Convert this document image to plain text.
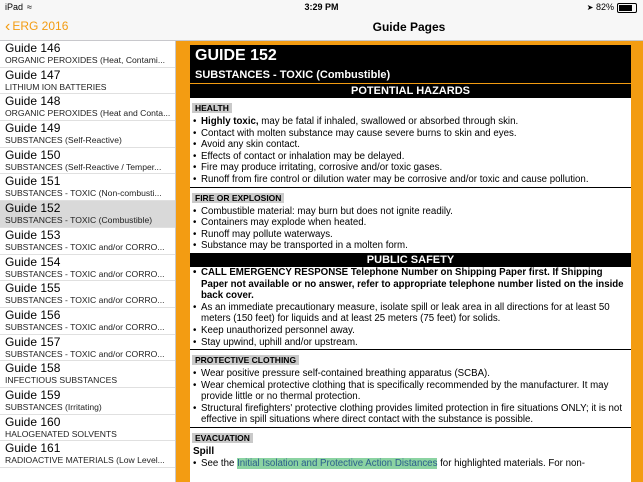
iPad ≈	3:29 PM	➤ 82%
‹ ERG 2016	Guide Pages
Guide 146
ORGANIC PEROXIDES (Heat, Contami...
Guide 147
LITHIUM ION BATTERIES
Guide 148
ORGANIC PEROXIDES (Heat and Conta...
Guide 149
SUBSTANCES (Self-Reactive)
Guide 150
SUBSTANCES (Self-Reactive / Temper...
Guide 151
SUBSTANCES - TOXIC (Non-combusti...
Guide 152
SUBSTANCES - TOXIC (Combustible)
Guide 153
SUBSTANCES - TOXIC and/or CORRO...
Guide 154
SUBSTANCES - TOXIC and/or CORRO...
Guide 155
SUBSTANCES - TOXIC and/or CORRO...
Guide 156
SUBSTANCES - TOXIC and/or CORRO...
Guide 157
SUBSTANCES - TOXIC and/or CORRO...
Guide 158
INFECTIOUS SUBSTANCES
Guide 159
SUBSTANCES (Irritating)
Guide 160
HALOGENATED SOLVENTS
Guide 161
RADIOACTIVE MATERIALS (Low Level...
GUIDE 152
SUBSTANCES - TOXIC (Combustible)
POTENTIAL HAZARDS
HEALTH
• Highly toxic, may be fatal if inhaled, swallowed or absorbed through skin.
• Contact with molten substance may cause severe burns to skin and eyes.
• Avoid any skin contact.
• Effects of contact or inhalation may be delayed.
• Fire may produce irritating, corrosive and/or toxic gases.
• Runoff from fire control or dilution water may be corrosive and/or toxic and cause pollution.
FIRE OR EXPLOSION
• Combustible material: may burn but does not ignite readily.
• Containers may explode when heated.
• Runoff may pollute waterways.
• Substance may be transported in a molten form.
PUBLIC SAFETY
• CALL EMERGENCY RESPONSE Telephone Number on Shipping Paper first. If Shipping Paper not available or no answer, refer to appropriate telephone number listed on the inside back cover.
• As an immediate precautionary measure, isolate spill or leak area in all directions for at least 50 meters (150 feet) for liquids and at least 25 meters (75 feet) for solids.
• Keep unauthorized personnel away.
• Stay upwind, uphill and/or upstream.
PROTECTIVE CLOTHING
• Wear positive pressure self-contained breathing apparatus (SCBA).
• Wear chemical protective clothing that is specifically recommended by the manufacturer. It may provide little or no thermal protection.
• Structural firefighters' protective clothing provides limited protection in fire situations ONLY; it is not effective in spill situations where direct contact with the substance is possible.
EVACUATION
Spill
• See the Initial Isolation and Protective Action Distances for highlighted materials. For non-
